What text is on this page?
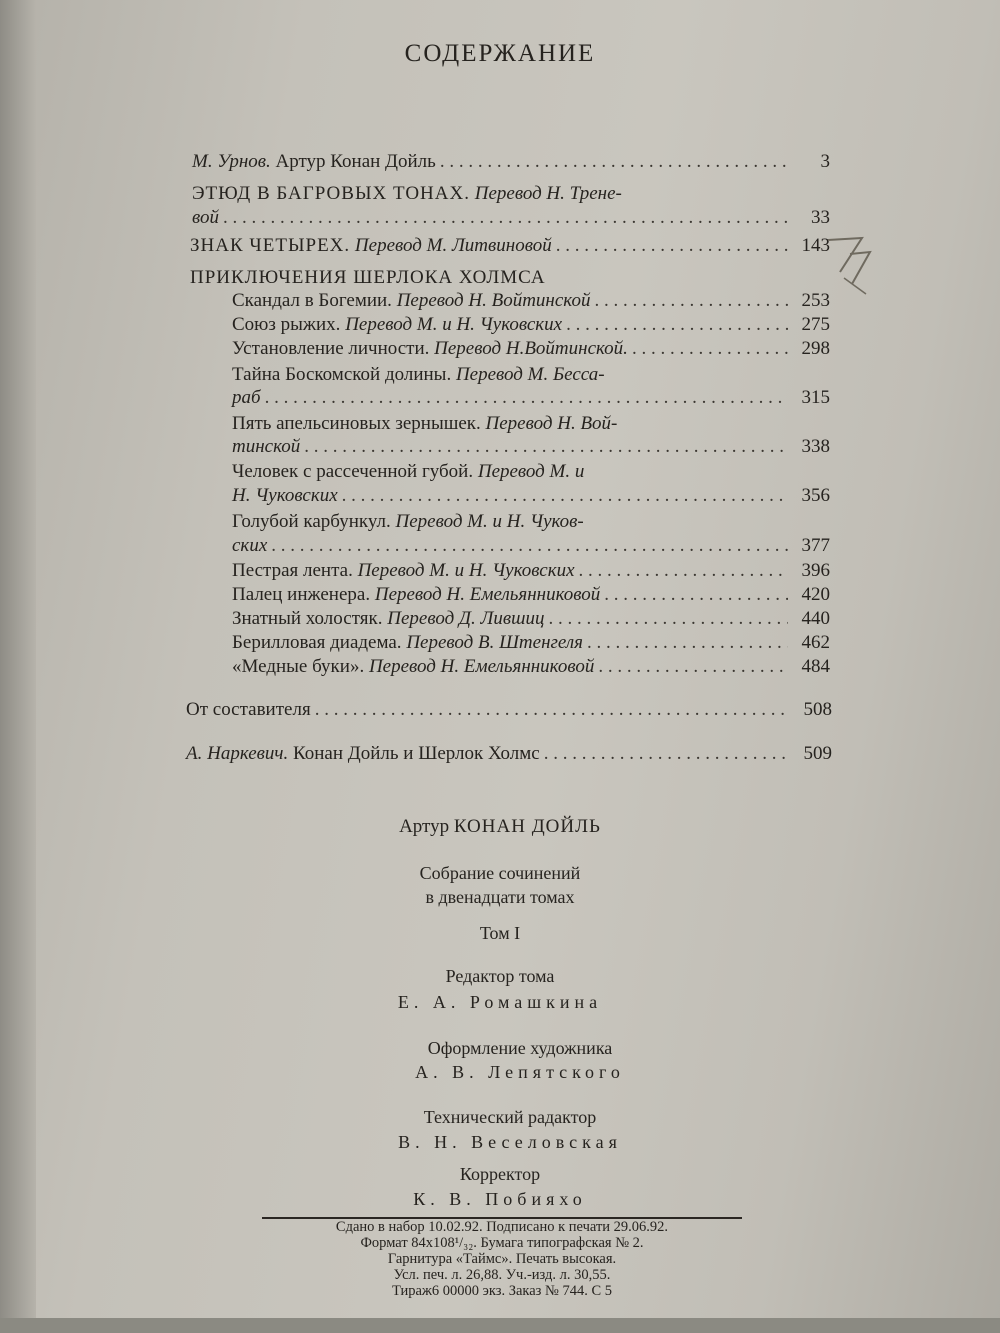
СОДЕРЖАНИЕ
М. Урнов. Артур Конан Дойль . . .	3
ЭТЮД В БАГРОВЫХ ТОНАХ. Перевод Н. Трене-
вой . . .	33
ЗНАК ЧЕТЫРЕХ. Перевод М. Литвиновой . . .	143
ПРИКЛЮЧЕНИЯ ШЕРЛОКА ХОЛМСА
Скандал в Богемии. Перевод Н. Войтинской . . .	253
Союз рыжих. Перевод М. и Н. Чуковских . . .	275
Установление личности. Перевод Н.Войтинской. . . .	298
Тайна Боскомской долины. Перевод М. Бесса-
раб . . .	315
Пять апельсиновых зернышек. Перевод Н. Вой-
тинской . . .	338
Человек с рассеченной губой. Перевод М. и
Н. Чуковских . . .	356
Голубой карбункул. Перевод М. и Н. Чуков-
ских . . .	377
Пестрая лента. Перевод М. и Н. Чуковских . . .	396
Палец инженера. Перевод Н. Емельянниковой . . .	420
Знатный холостяк. Перевод Д. Лившиц . . .	440
Берилловая диадема. Перевод В. Штенгеля . . .	462
«Медные буки». Перевод Н. Емельянниковой . . .	484
От составителя . . .	508
А. Наркевич. Конан Дойль и Шерлок Холмс . . .	509
Артур КОНАН ДОЙЛЬ
Собрание сочинений
в двенадцати томах
Том I
Редактор тома
Е. А. Ромашкина
Оформление художника
А. В. Лепятского
Технический радактор
В. Н. Веселовская
Корректор
К. В. Побияхо
Сдано в набор 10.02.92. Подписано к печати 29.06.92.
Формат 84x108¹/₃₂. Бумага типографская № 2.
Гарнитура «Таймс». Печать высокая.
Усл. печ. л. 26,88. Уч.-изд. л. 30,55.
Тираж6 00000 экз. Заказ № 744. С 5
